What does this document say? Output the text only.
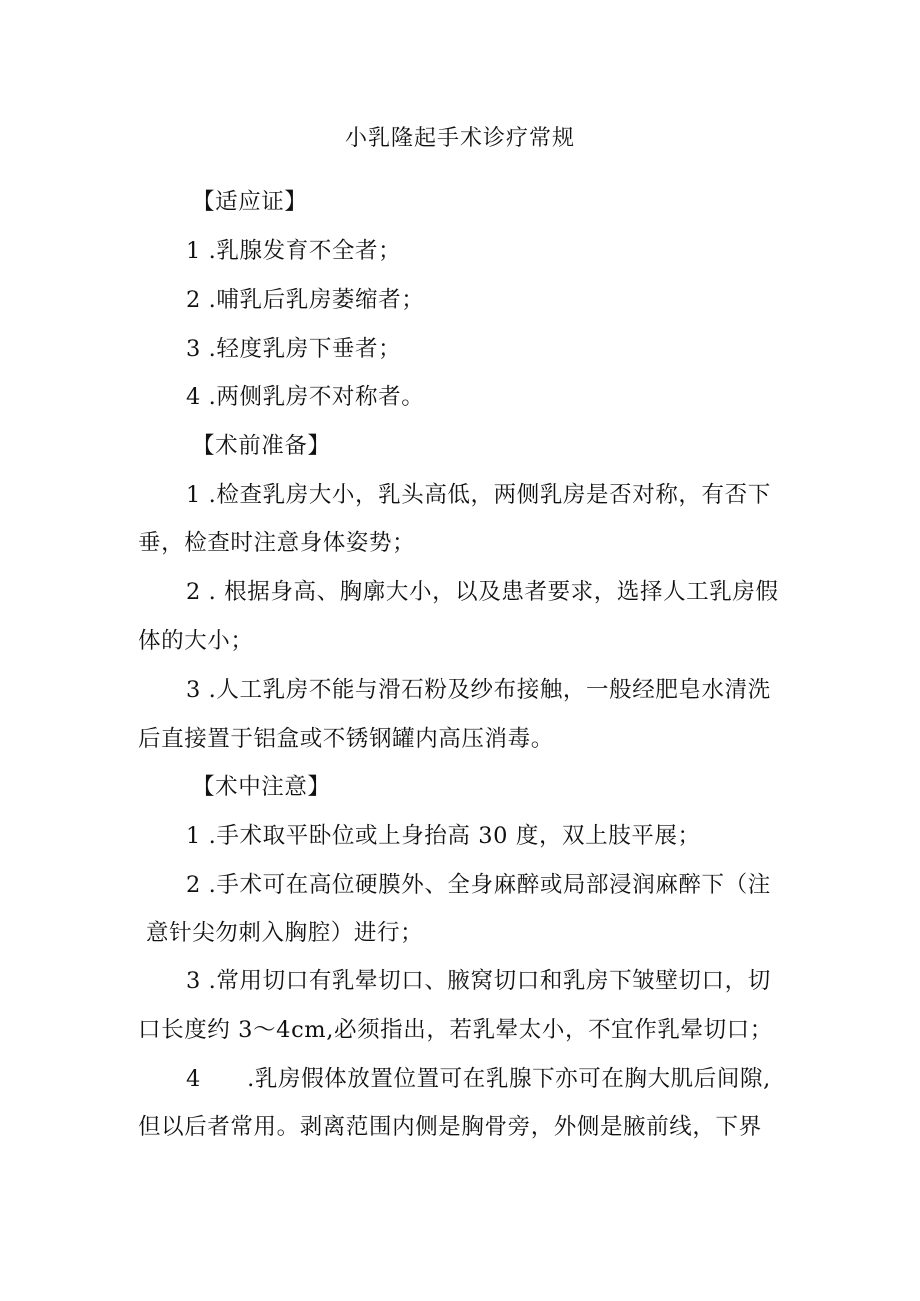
小乳隆起手术诊疗常规
【适应证】
1 .乳腺发育不全者；
2 .哺乳后乳房萎缩者；
3 .轻度乳房下垂者；
4 .两侧乳房不对称者。
【术前准备】
1 .检查乳房大小，乳头高低，两侧乳房是否对称，有否下
垂，检查时注意身体姿势；
2 . 根据身高、胸廓大小，以及患者要求，选择人工乳房假
体的大小；
3 .人工乳房不能与滑石粉及纱布接触，一般经肥皂水清洗
后直接置于铝盒或不锈钢罐内高压消毒。
【术中注意】
1 .手术取平卧位或上身抬高 30 度，双上肢平展；
2 .手术可在高位硬膜外、全身麻醉或局部浸润麻醉下（注
意针尖勿刺入胸腔）进行；
3 .常用切口有乳晕切口、腋窝切口和乳房下皱壁切口，切
口长度约 3～4cm,必须指出，若乳晕太小，不宜作乳晕切口；
4　　.乳房假体放置位置可在乳腺下亦可在胸大肌后间隙,
但以后者常用。剥离范围内侧是胸骨旁，外侧是腋前线，下界
